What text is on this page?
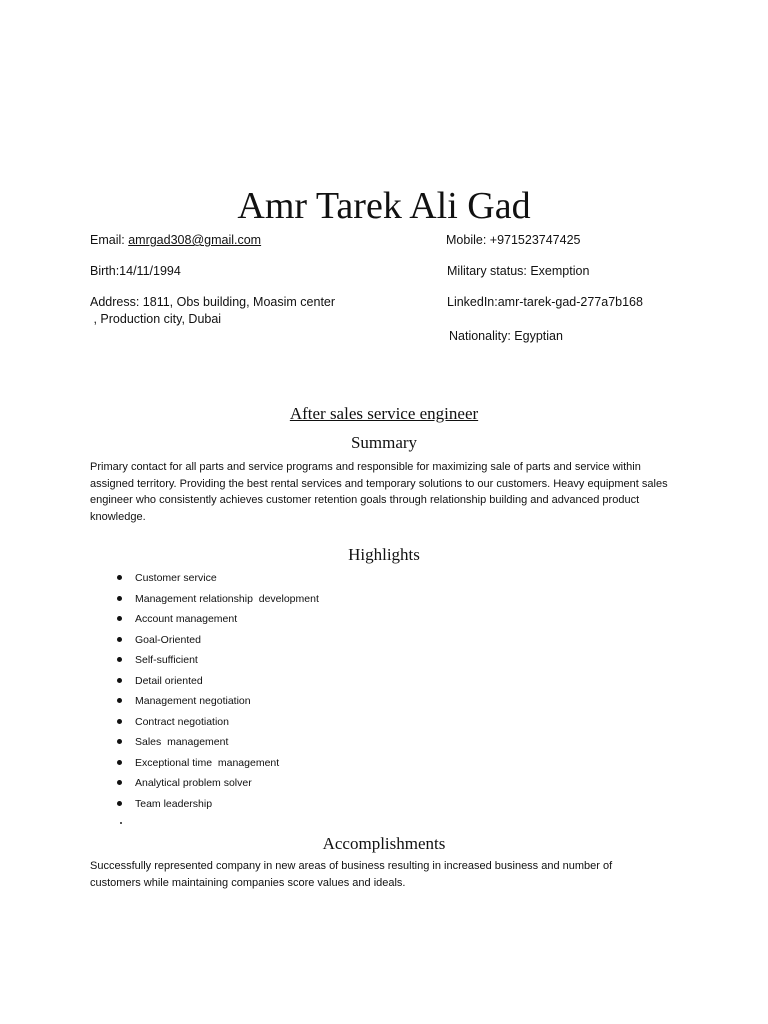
Amr Tarek Ali Gad
Email: amrgad308@gmail.com	Mobile: +971523747425
Birth:14/11/1994	Military status: Exemption
Address: 1811, Obs building, Moasim center
, Production city, Dubai
LinkedIn:amr-tarek-gad-277a7b168
Nationality: Egyptian
After sales service engineer
Summary
Primary contact for all parts and service programs and responsible for maximizing sale of parts and service within assigned territory. Providing the best rental services and temporary solutions to our customers. Heavy equipment sales engineer who consistently achieves customer retention goals through relationship building and advanced product knowledge.
Highlights
Customer service
Management relationship  development
Account management
Goal-Oriented
Self-sufficient
Detail oriented
Management negotiation
Contract negotiation
Sales  management
Exceptional time  management
Analytical problem solver
Team leadership
Accomplishments
Successfully represented company in new areas of business resulting in increased business and number of customers while maintaining companies score values and ideals.
